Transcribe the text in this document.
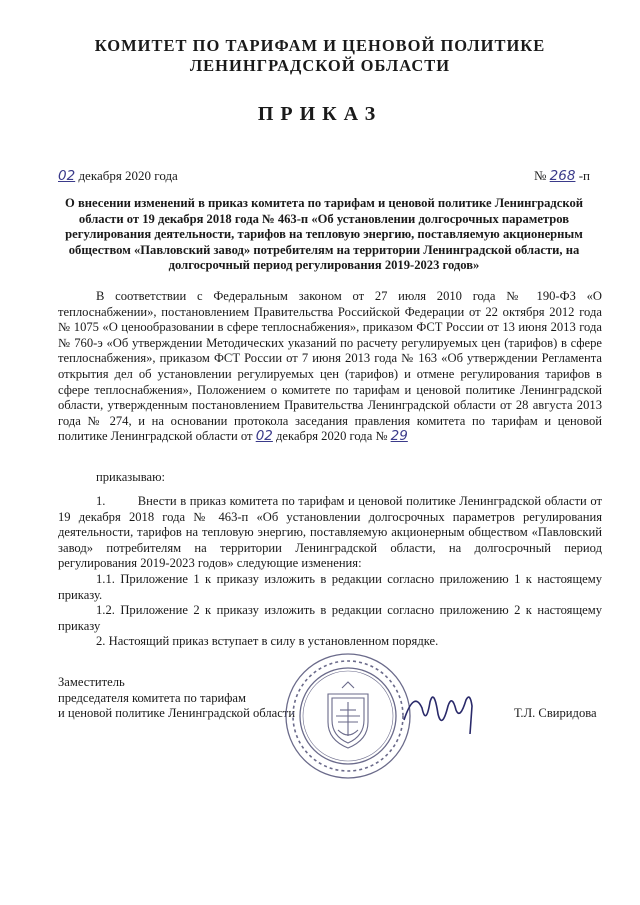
КОМИТЕТ ПО ТАРИФАМ И ЦЕНОВОЙ ПОЛИТИКЕ
ЛЕНИНГРАДСКОЙ ОБЛАСТИ
ПРИКАЗ
02 декабря 2020 года	№ 268 -п
О внесении изменений в приказ комитета по тарифам и ценовой политике Ленинградской области от 19 декабря 2018 года № 463-п «Об установлении долгосрочных параметров регулирования деятельности, тарифов на тепловую энергию, поставляемую акционерным обществом «Павловский завод» потребителям на территории Ленинградской области, на долгосрочный период регулирования 2019-2023 годов»
В соответствии с Федеральным законом от 27 июля 2010 года № 190-ФЗ «О теплоснабжении», постановлением Правительства Российской Федерации от 22 октября 2012 года № 1075 «О ценообразовании в сфере теплоснабжения», приказом ФСТ России от 13 июня 2013 года № 760-э «Об утверждении Методических указаний по расчету регулируемых цен (тарифов) в сфере теплоснабжения», приказом ФСТ России от 7 июня 2013 года № 163 «Об утверждении Регламента открытия дел об установлении регулируемых цен (тарифов) и отмене регулирования тарифов в сфере теплоснабжения», Положением о комитете по тарифам и ценовой политике Ленинградской области, утвержденным постановлением Правительства Ленинградской области от 28 августа 2013 года № 274, и на основании протокола заседания правления комитета по тарифам и ценовой политике Ленинградской области от 02 декабря 2020 года № 29
приказываю:
1.         Внести в приказ комитета по тарифам и ценовой политике Ленинградской области от 19 декабря 2018 года № 463-п «Об установлении долгосрочных параметров регулирования деятельности, тарифов на тепловую энергию, поставляемую акционерным обществом «Павловский завод» потребителям на территории Ленинградской области, на долгосрочный период регулирования 2019-2023 годов» следующие изменения:
1.1. Приложение 1 к приказу изложить в редакции согласно приложению 1 к настоящему приказу.
1.2. Приложение 2 к приказу изложить в редакции согласно приложению 2 к настоящему приказу
2. Настоящий приказ вступает в силу в установленном порядке.
Заместитель
председателя комитета по тарифам
и ценовой политике Ленинградской области	Т.Л. Свиридова
